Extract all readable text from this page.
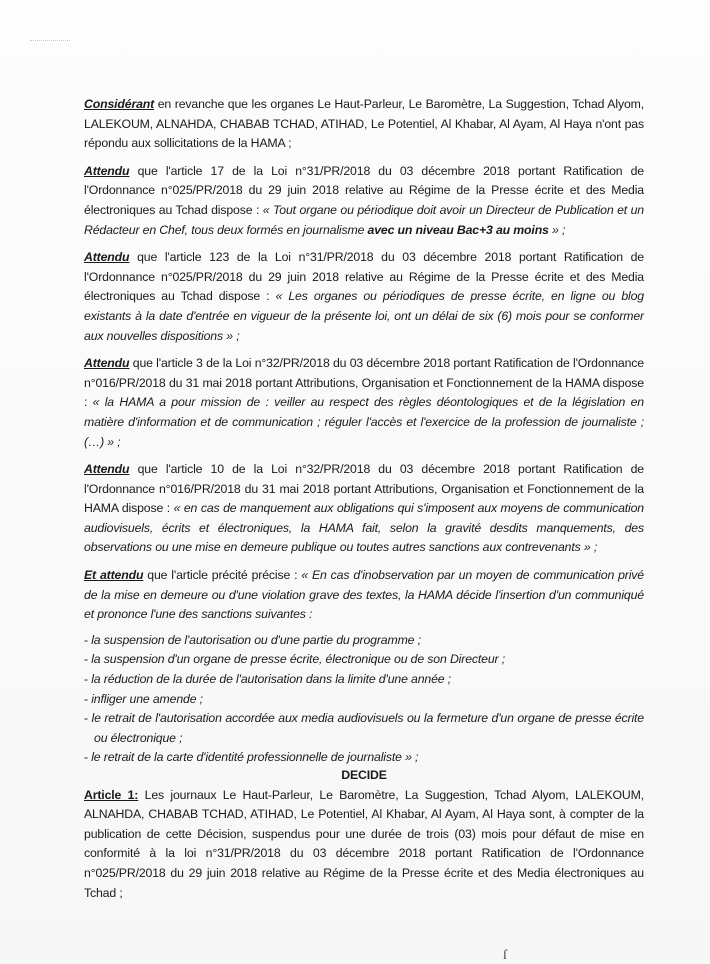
Considérant en revanche que les organes Le Haut-Parleur, Le Baromètre, La Suggestion, Tchad Alyom, LALEKOUM, ALNAHDA, CHABAB TCHAD, ATIHAD, Le Potentiel, Al Khabar, Al Ayam, Al Haya n'ont pas répondu aux sollicitations de la HAMA ;

Attendu que l'article 17 de la Loi n°31/PR/2018 du 03 décembre 2018 portant Ratification de l'Ordonnance n°025/PR/2018 du 29 juin 2018 relative au Régime de la Presse écrite et des Media électroniques au Tchad dispose : « Tout organe ou périodique doit avoir un Directeur de Publication et un Rédacteur en Chef, tous deux formés en journalisme avec un niveau Bac+3 au moins » ;

Attendu que l'article 123 de la Loi n°31/PR/2018 du 03 décembre 2018 portant Ratification de l'Ordonnance n°025/PR/2018 du 29 juin 2018 relative au Régime de la Presse écrite et des Media électroniques au Tchad dispose : « Les organes ou périodiques de presse écrite, en ligne ou blog existants à la date d'entrée en vigueur de la présente loi, ont un délai de six (6) mois pour se conformer aux nouvelles dispositions » ;

Attendu que l'article 3 de la Loi n°32/PR/2018 du 03 décembre 2018 portant Ratification de l'Ordonnance n°016/PR/2018 du 31 mai 2018 portant Attributions, Organisation et Fonctionnement de la HAMA dispose : « la HAMA a pour mission de : veiller au respect des règles déontologiques et de la législation en matière d'information et de communication ; réguler l'accès et l'exercice de la profession de journaliste ; (…) » ;

Attendu que l'article 10 de la Loi n°32/PR/2018 du 03 décembre 2018 portant Ratification de l'Ordonnance n°016/PR/2018 du 31 mai 2018 portant Attributions, Organisation et Fonctionnement de la HAMA dispose : « en cas de manquement aux obligations qui s'imposent aux moyens de communication audiovisuels, écrits et électroniques, la HAMA fait, selon la gravité desdits manquements, des observations ou une mise en demeure publique ou toutes autres sanctions aux contrevenants » ;

Et attendu que l'article précité précise : « En cas d'inobservation par un moyen de communication privé de la mise en demeure ou d'une violation grave des textes, la HAMA décide l'insertion d'un communiqué et prononce l'une des sanctions suivantes :

- la suspension de l'autorisation ou d'une partie du programme ;
- la suspension d'un organe de presse écrite, électronique ou de son Directeur ;
- la réduction de la durée de l'autorisation dans la limite d'une année ;
- infliger une amende ;
- le retrait de l'autorisation accordée aux media audiovisuels ou la fermeture d'un organe de presse écrite ou électronique ;
- le retrait de la carte d'identité professionnelle de journaliste » ;
DECIDE

Article 1: Les journaux Le Haut-Parleur, Le Baromètre, La Suggestion, Tchad Alyom, LALEKOUM, ALNAHDA, CHABAB TCHAD, ATIHAD, Le Potentiel, Al Khabar, Al Ayam, Al Haya sont, à compter de la publication de cette Décision, suspendus pour une durée de trois (03) mois pour défaut de mise en conformité à la loi n°31/PR/2018 du 03 décembre 2018 portant Ratification de l'Ordonnance n°025/PR/2018 du 29 juin 2018 relative au Régime de la Presse écrite et des Media électroniques au Tchad ;

ſ
